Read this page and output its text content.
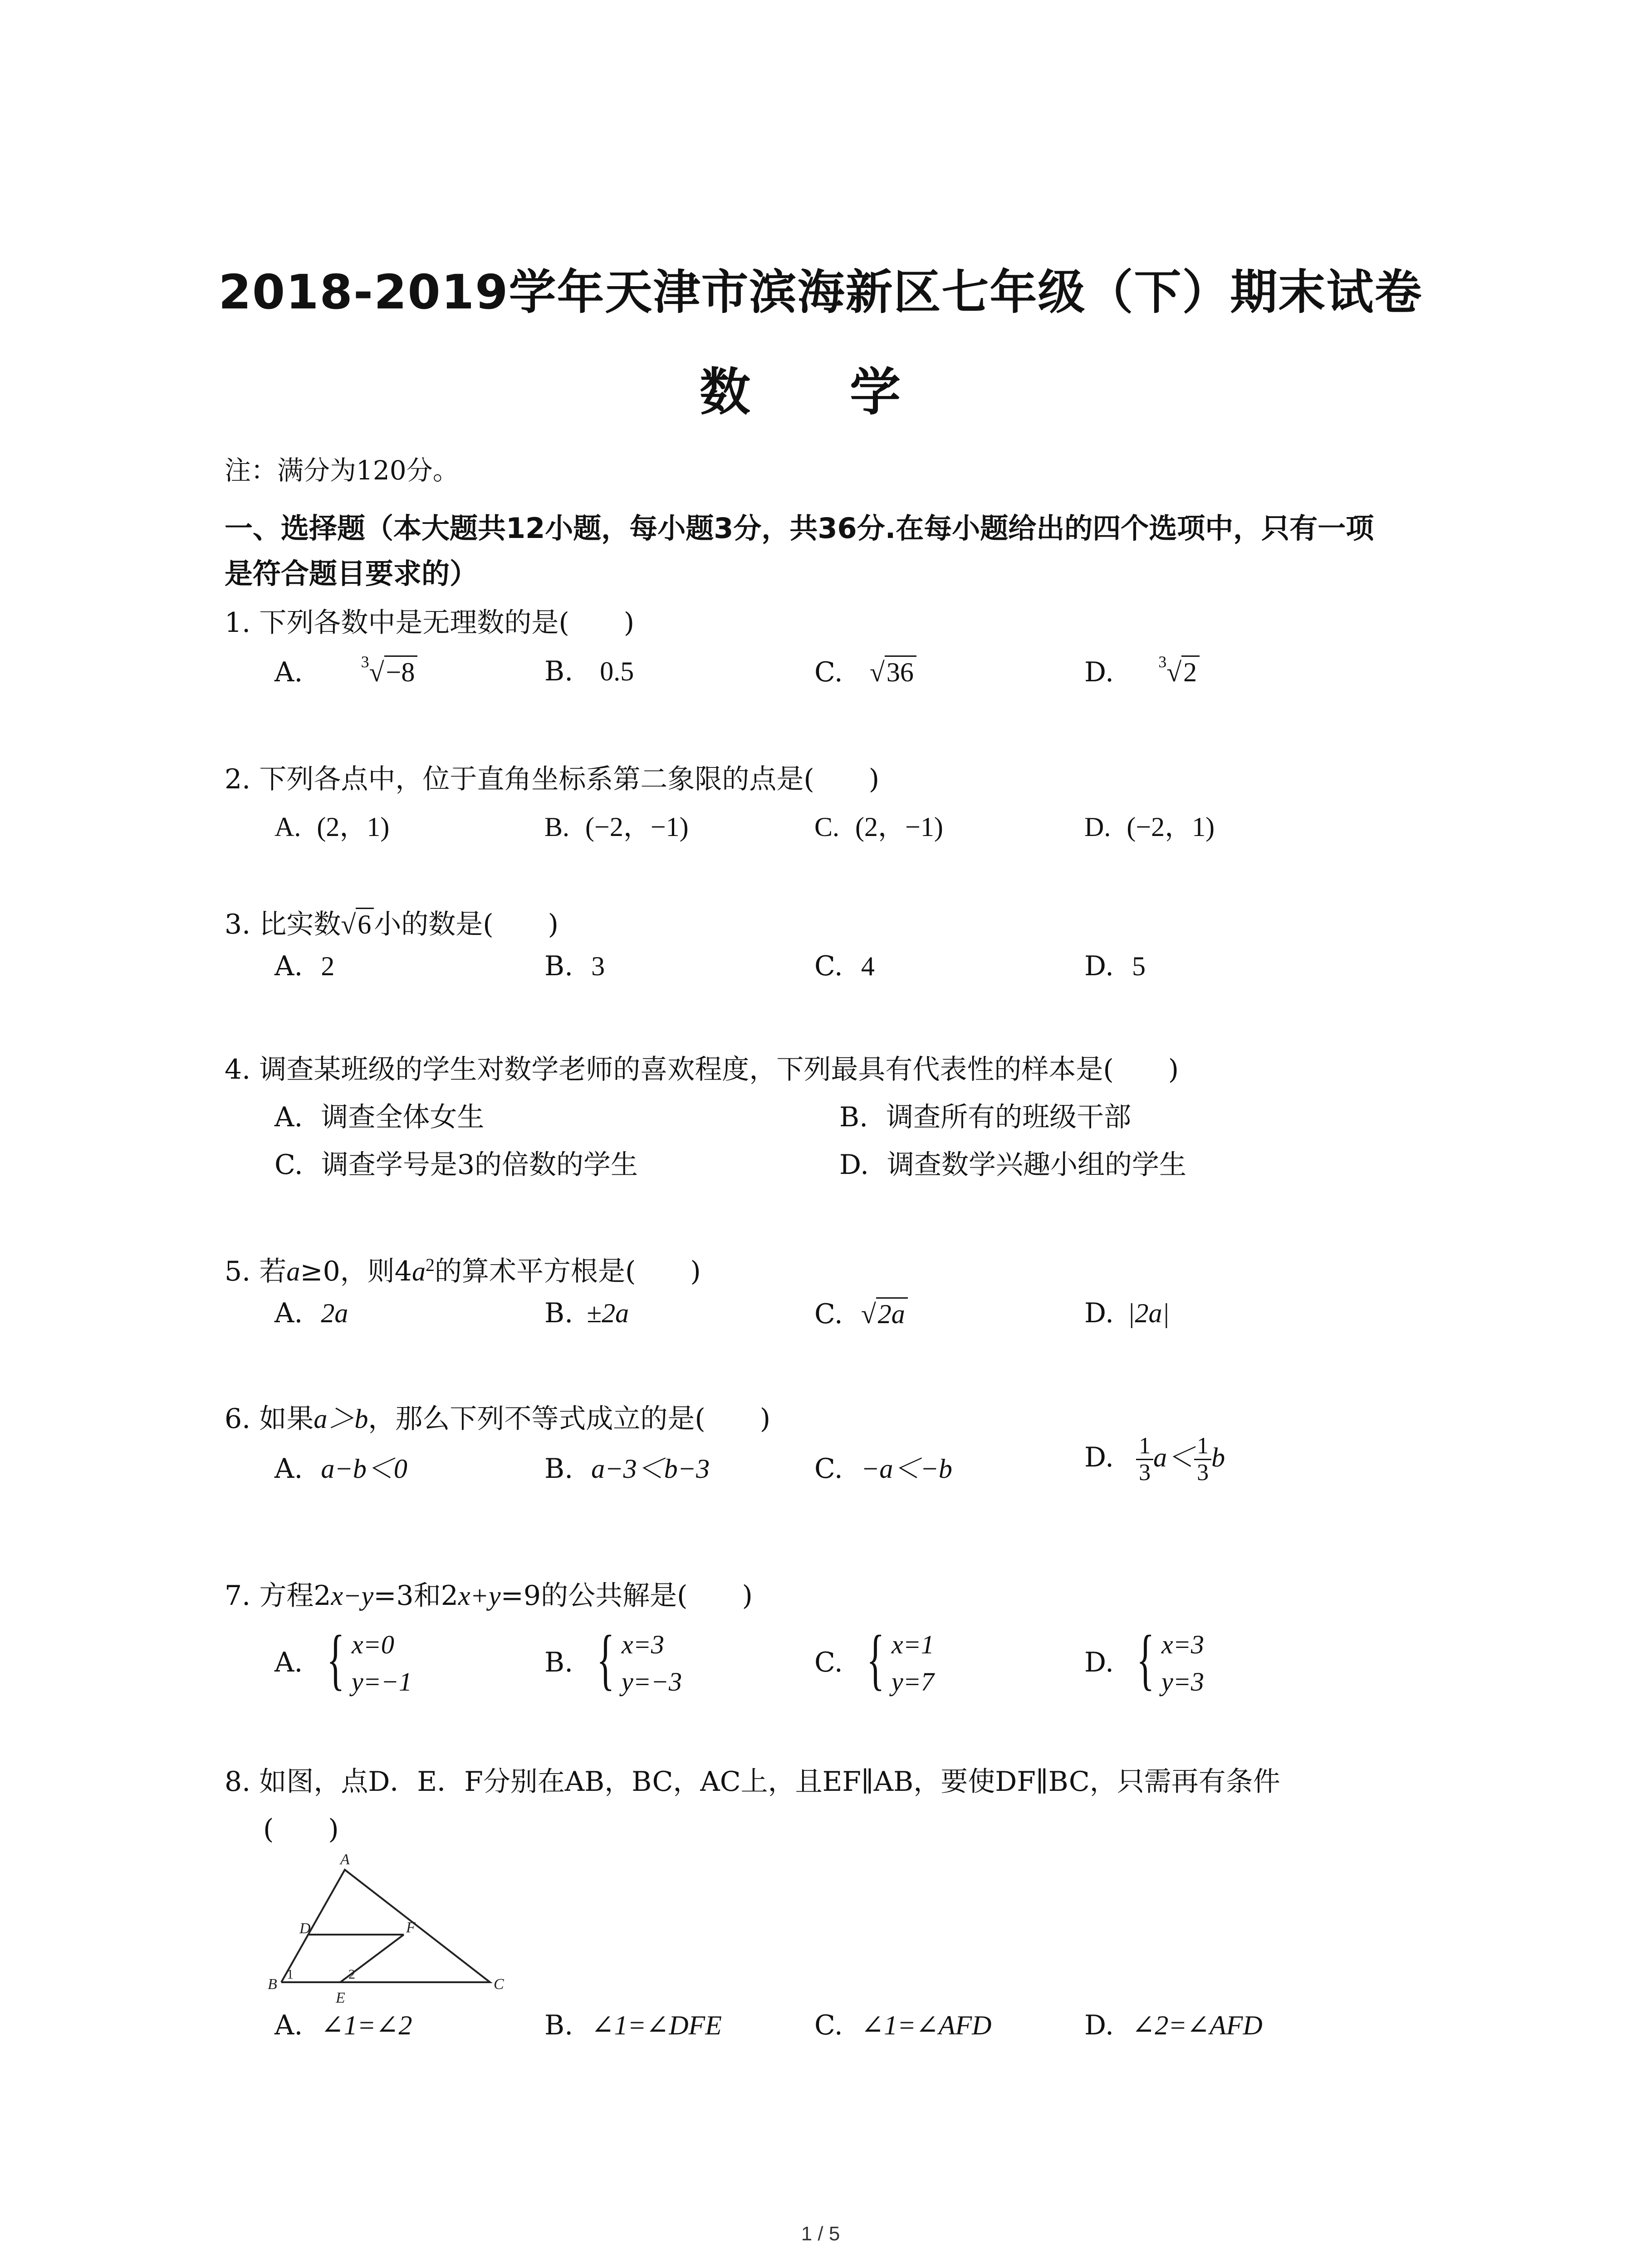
2018-2019学年天津市滨海新区七年级（下）期末试卷
数 学
注：满分为120分。
一、选择题（本大题共12小题，每小题3分，共36分.在每小题给出的四个选项中，只有一项
是符合题目要求的）
1. 下列各数中是无理数的是(　　)
A.	$^3$√−8	B. 0.5	C. √36	D.	$^3$√2
2. 下列各点中，位于直角坐标系第二象限的点是(　　)
A. (2，1)	B. (−2，−1)	C. (2，−1)	D. (−2，1)
3. 比实数√6 小的数是(　　)
A. 2	B. 3	C. 4	D. 5
4. 调查某班级的学生对数学老师的喜欢程度，下列最具有代表性的样本是(　　)
A. 调查全体女生	B. 调查所有的班级干部
C. 调查学号是3的倍数的学生	D. 调查数学兴趣小组的学生
5. 若a≥0，则$4a^2$的算术平方根是(　　)
A. 2a	B. ±2a	C. √2a	D. |2a|
6. 如果a＞b，那么下列不等式成立的是(　　)
A. a−b＜0	B. a−3＜b−3	C. −a＜−b	D. $\frac{1}{3} a< \frac{1}{3}$ b
7. 方程2x−y=3和2x+y=9的公共解是(　　)
A. { x=0
y=−1
B. { x=3
y=−3
C. { x=1
y=7
D. { x=3
y=3
8. 如图，点D．E．F分别在AB，BC，AC上，且EF∥AB，要使DF∥BC，只需再有条件
(　　)
A
D	F
B	C
E
1	2
A. ∠1=∠2	B. ∠1=∠DFE	C. ∠1=∠AFD	D. ∠2=∠AFD
1 / 5
